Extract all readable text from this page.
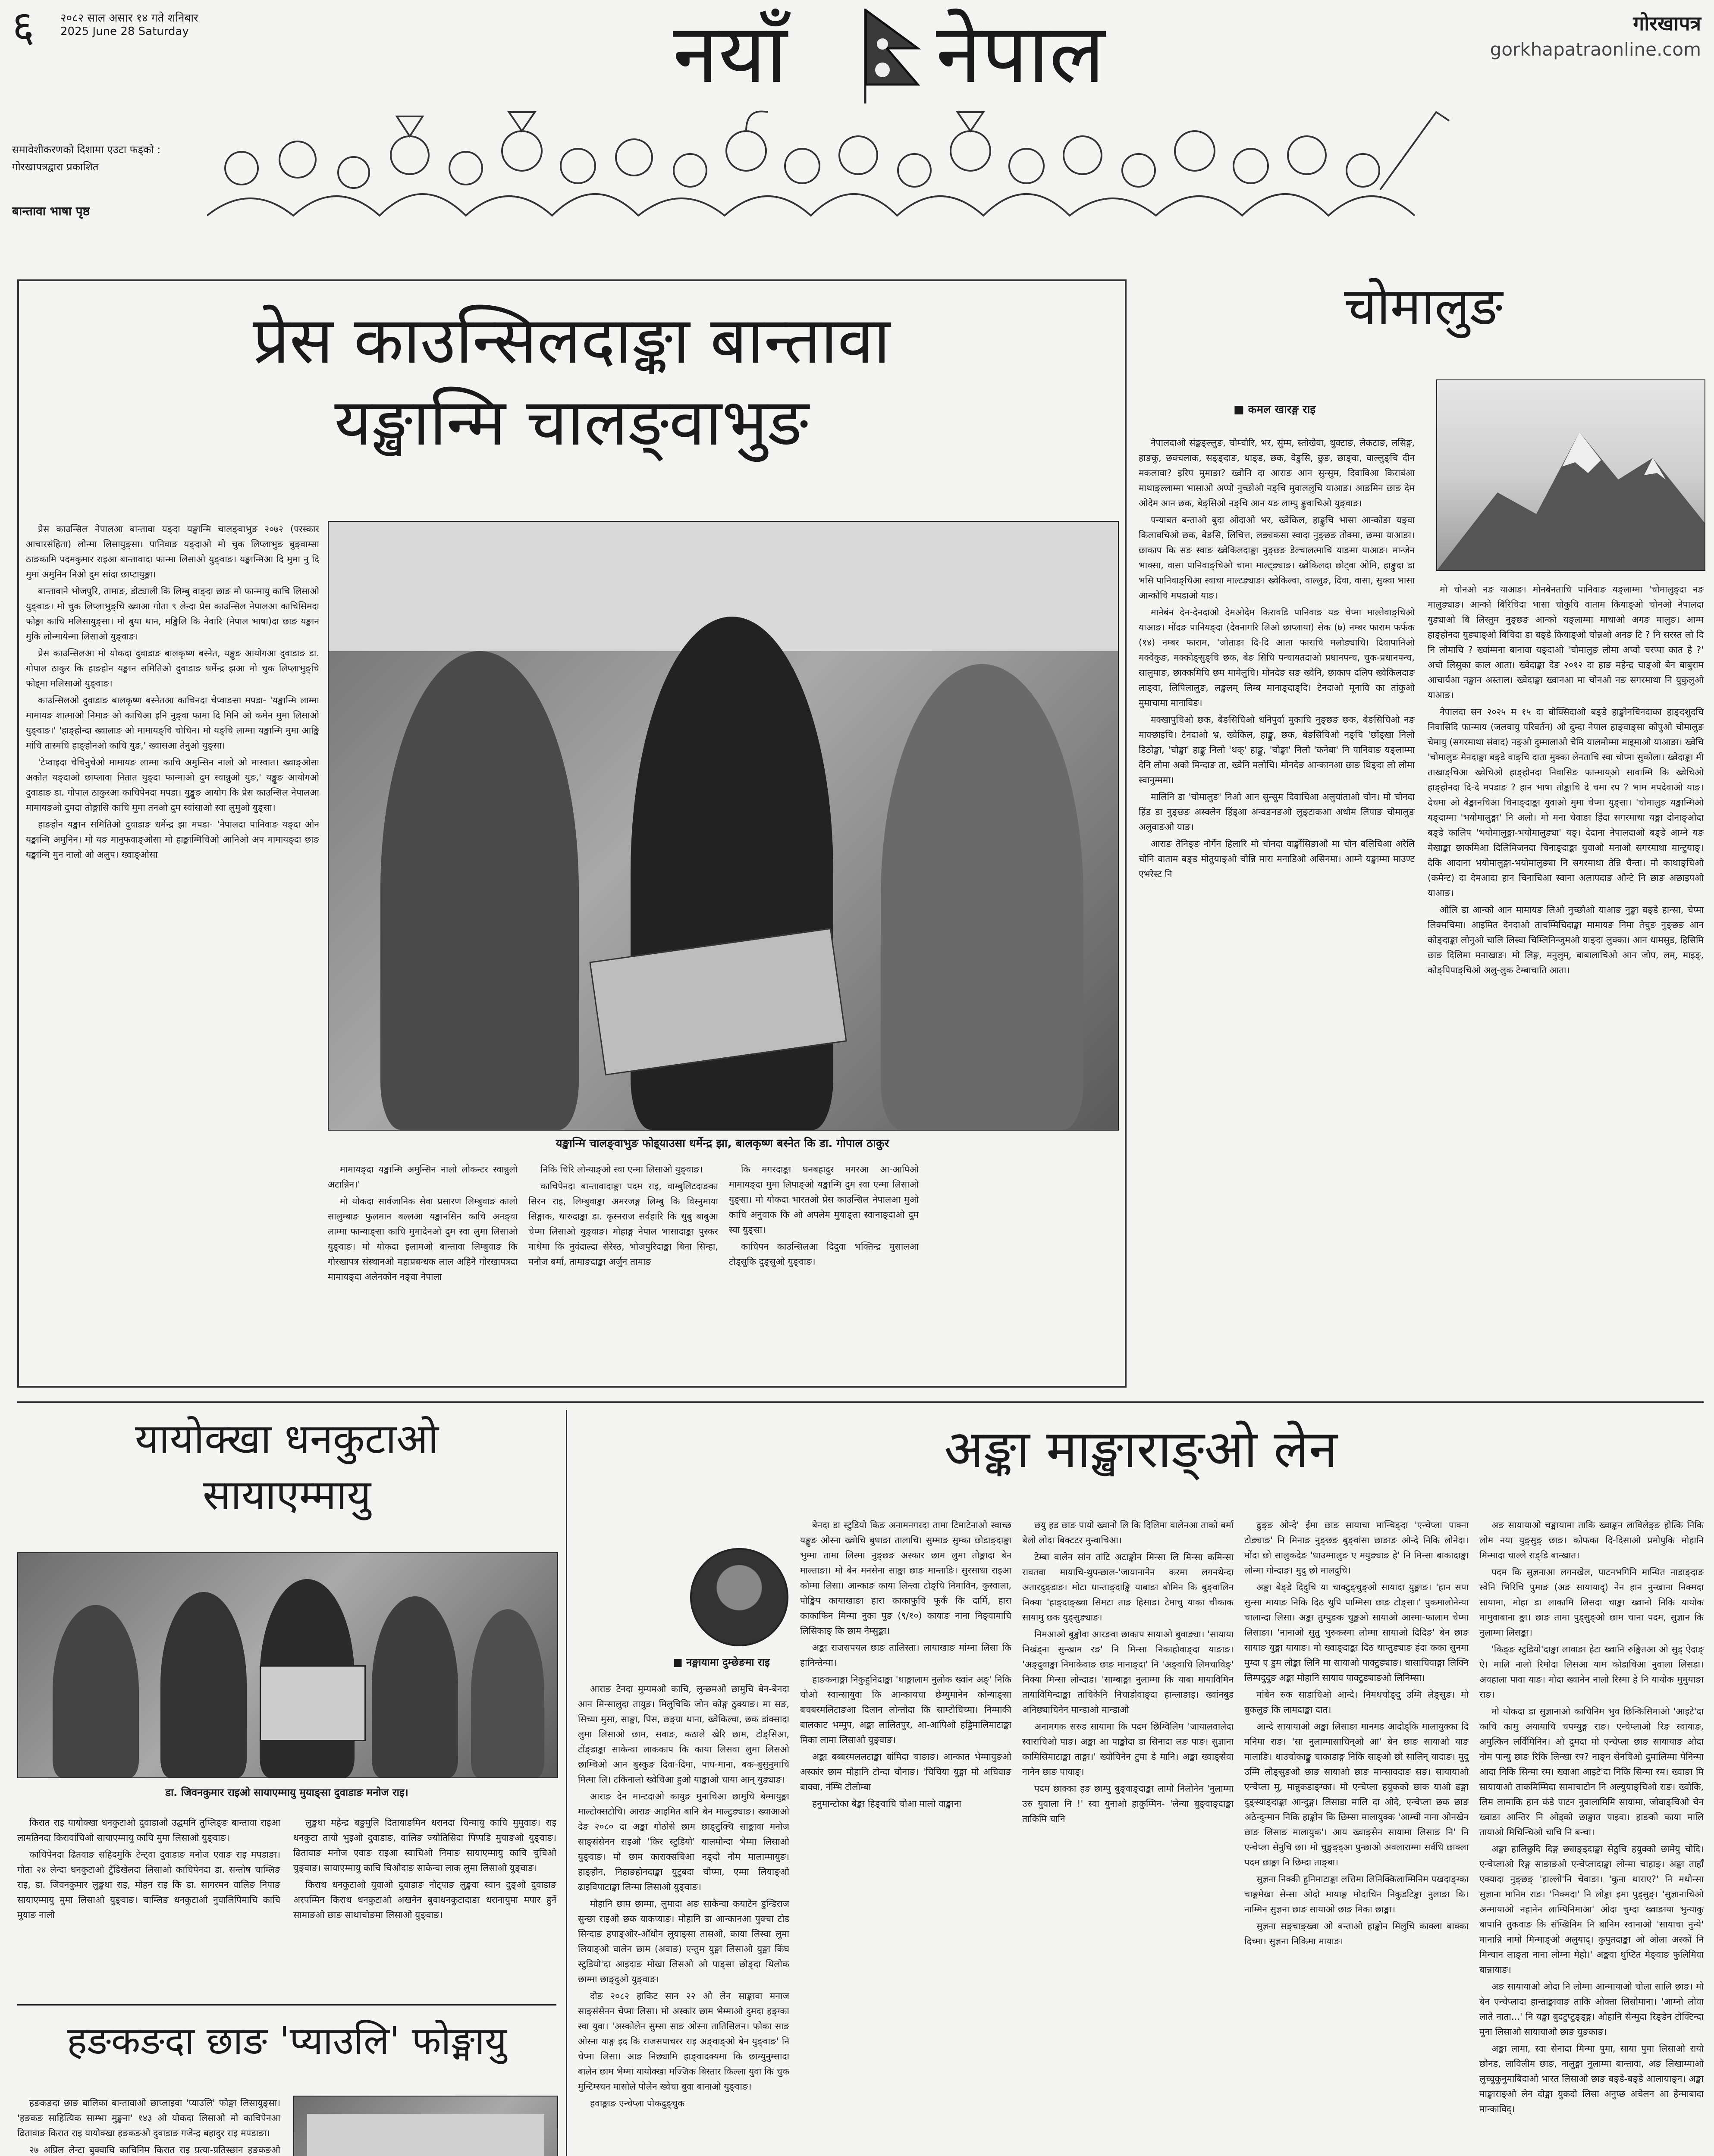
६ २०८२ साल असार १४ गते शनिबार
2025 June 28 Saturday	नयाँ नेपाल	गोरखापत्र
gorkhapatraonline.com
समावेशीकरणको दिशामा एउटा फड्को :
गोरखापत्रद्वारा प्रकाशित
बान्तावा भाषा पृष्ठ
प्रेस काउन्सिलदाङ्का बान्तावा
यङ्खान्मि चालङ्वाभुङ

प्रेस काउन्सिल नेपालआ बान्तावा यङ्दा यङ्खान्मि चालङ्वाभुङ २०७२ (परस्कार आचारसंहिता) लोन्मा लिसायुङ्सा। पानिवाङ यङ्दाओ मो चुक लिप्लाभुङ बुङ्वाम्सा ठाङकामि पदमकुमार राइआ बान्तावादा फान्मा लिसाओ युङ्वाङ। यङ्खान्मिआ दि मुमा नु दि मुमा अमुनिन निओ दुम सांदा छाप्टायुङ्मा।

बान्तावाने भोजपुरि, तामाङ, डोट्याली कि लिम्बु वाङ्दा छाङ मो फान्मायु काचि लिसाओ युङ्वाङ। मो चुक लिप्लाभुङ्चि ख्वाआ गोता ९ लेन्दा प्रेस काउन्सिल नेपालआ काचिसिमदा फोङ्मा काचि मलिसायुङ्सा। मो बुया थान, मङ्खिलि कि नेवारि (नेपाल भाषा)दा छाङ यङ्खान मुकि लोन्मायेन्मा लिसाओ युङ्वाङ।

प्रेस काउन्सिलआ मो योकदा दुवाडाङ बालकृष्ण बस्नेत, यङ्खुङ आयोगआ दुवाडाङ डा. गोपाल ठाकुर कि हाङहोन यङ्खान समितिओ दुवाडाङ धर्मेन्द्र झआ मो चुक लिप्लाभुङ्चि फोइ्मा मलिसाओ युङ्वाङ।

काउन्सिलओ दुवाडाङ बालकृष्ण बस्नेतआ काचिनदा चेप्वाङसा मपडा- 'यङ्खान्मि लाम्मा मामायङ शात्माओ निमाङ ओ काचिआ इनि नुङ्वा फामा दि मिनि ओ कमेन मुमा लिसाओ युङ्वाङ।' 'हाङ्होन्दा ख्वालाङ ओ मामायङ्चि चोचिन। मो यङ्चि लाम्मा यङ्खान्मि मुमा आङ्कि मांचि तास्मचि हाङ्होनओ काचि युङ,' ख्वासआ तेनुओ युङ्सा।

'टेप्वाइदा चेचिनुचेओ मामायङ लाम्मा काचि अमुन्सिन नालो ओ मास्वात। ख्वाङ्ओसा अकोत यङ्दाओ छाप्लावा नितात युङ्दा फान्माओ दुम स्वान्नुओ युङ,' यङ्खुङ आयोगओ दुवाडाङ डा. गोपाल ठाकुरआ काचिपेनदा मपडा। युङ्खुङ आयोग कि प्रेस काउन्सिल नेपालआ मामायङओ दुमदा तोङ्मासि काचि मुमा तनओ दुम स्वांसाओ स्वा लुमुओ युङ्सा।

हाङहोन यङ्खान समितिओ दुवाडाङ धर्मेन्द्र झा मपडा- 'नेपालदा पानिवाङ यङ्दा ओन यङ्खान्मि अमुनिन। मो यङ मानुफवाङ्ओसा मो हाङ्खाम्मिचिओ आनिओ अप मामायङ्दा छाङ यङ्खान्मि मुन नालो ओ अलुप। ख्वाङ्ओसा

यङ्खान्मि चालङ्वाभुङ फोइ्याउसा धर्मेन्द्र झा, बालकृष्ण बस्नेत कि डा. गोपाल ठाकुर

मामायङ्दा यङ्खान्मि अमुन्सिन नालो लोकन्टर स्वान्नुलो अटान्निन।'

मो योकदा सार्वजानिक सेवा प्रसारण लिम्बुवाङ कालो सालुम्बाङ फुलमान बल्लआ यङ्खानसिन काचि अनङ्वा लाम्मा फान्याङ्सा काचि मुमादेनओ दुम स्वा लुमा लिसाओ युङ्वाङ। मो योकदा इलामओ बान्तावा लिम्बुवाङ कि गोरखापत्र संस्थानओ महाप्रबन्धक लाल अहिने गोरखापत्रदा मामायङ्दा अलेनकोन नङ्वा नेपाला

निकि चिरि लोन्याङ्ओ स्वा एन्मा लिसाओ युङ्वाङ।

काचिपेनदा बान्तावादाङ्का पदम राइ, वाम्बुलिटदाङका सिरन राइ, लिम्बुवाङ्का अमरजङ्ग लिम्बु कि विस्नुमाया सिङ्गाक, थारुदाङ्का डा. कृस्नराज सर्वहारि कि थुबु बाबुआ चेप्मा लिसाओ युङ्वाङ। मोहाङ्ग नेपाल भासादाङ्का पुस्कर माथेमा कि नुवंदाल्दा सेरेस्ठ, भोजपुरिदाङ्का बिना सिन्हा, मनोज बर्मा, तामाङदाङ्का अर्जुन तामाङ

कि मगरदाङ्का धनबहादुर मगरआ आ-आपिओ मामायङ्दा मुमा लिपाङ्ओ यङ्खान्मि दुम स्वा एन्मा लिसाओ युङ्सा। मो योकदा भारतओ प्रेस काउन्सिल नेपालआ मुओ काचि अनुवाक कि ओ अपलेम मुयाङ्ता स्वानाङ्दाओ दुम स्वा युङ्सा।

काचिपन काउन्सिलआ दिदुवा भक्तिन्द्र मुसालआ टोड्सुकि दुङ्सुओ युङ्वाङ।

चोमालुङ
■ कमल खारङ्ग राइ

नेपालदाओ संङ्कङ्ल्लुङ, चोम्चोरि, भर, सुंम्म, स्तोखेवा, थुक्टाङ, लेकटाङ, लसिङ्ग, हाङकु, छक्चलाक, सङ्ङ्दाङ, थाङ्ड, छक, वेङुसि, छुङ, छाङ्वा, वाल्लुङ्चि दीन मकलावा? इरिप मुमाङा? ख्वोनि दा आराङ आन सुन्सुम, दिवाविआ किराबंआ माथाङ्ल्लाम्मा भासाओ अप्पो नुच्छोओ नङ्चि मुवाललुचि याआङ। आङमिन छाङ देम ओदेम आन छक, बेङ्सिओ नङ्चि आन यङ लाम्पु ङ्कुवाचिओ युङ्वाङ।

पन्याबत बन्ताओ बुदा ओदाओ भर, ख्वेकिल, हाङ्कुचि भासा आन्कोङा यङ्वा किलावचिओ छक, बेङसि, लिचित्त, लङ्यकसा स्वादा नुङ्छङ तोक्मा, छम्मा याआङा। छाकाप कि सङ स्वाङ ख्वेकिलदाङ्का नुङ्छङ डेल्चालत्माचि याङमा याआङ। मान्जेन भाक्सा, वासा पानिवाङ्चिओ चामा माल्ट्ङ्याङ। ख्वेकिलदा छोट्वा ओमि, हाङ्कुदा डा भसि पानिवाङ्चिआ स्वाचा माल्टङ्याङ। ख्वेकिल्वा, वाल्लुङ, दिवा, वासा, सुक्वा भासा आन्कोचि मपडाओ याङ।

मानेबंन देन-देनदाओ देमओदेम किरावडि पानिवाङ यङ चेप्मा माल्तेवाङ्चिओ याआङ। मोंदङ पानियङ्दा (देवनागरि लिओ छाप्लाया) सेक (७) नम्बर फाराम फर्फक (१४) नम्बर फाराम, 'जोताङा दि-दि आता फाराचि मलोङ्याचि। दिवापानिओ मक्वेकुङ, मक्कोङ्सुङ्चि छक, बेङ सिचि पन्चायतदाओ प्रधानपन्च, चुक-प्रधानपन्च, सालुमाङ, छाक्कमिचि छम मामेलुचि। मोनदेङ सङ ख्वेनि, छाकाप दलिप ख्वेकिलदाङ लाङ्वा, लिपिलालुङ, लङ्खलम् लिम्ब मानाङ्दाङ्दि। टेनदाओ मूनावि का तांकुओ मुमाचामा मानाविङ।

मक्खापुचिओ छक, बेङसिचिओ धनिपुर्वा मुकाचि नुङ्छङ छक, बेङसिचिओ नङ माक्छाइचि। टेनदाओ भ्र, ख्वेकिल, हाङ्कु, छक, बेङसिचिओ नङ्चि 'छोंड्खा निलो डिठोङ्खा, 'चोङ्खा' हाङ्कु निलो 'थक्' हाङ्कु, 'चोङ्खा' निलो 'कनेबा' नि पानिवाङ यङ्लाम्मा देनि लोमा अको मिन्दाङ ता, ख्वेनि मलोचि। मोनदेङ आन्कानआ छाङ थिङ्दा लो लोमा स्वानुम्ममा।

मालिनि डा 'चोमालुङ' निओ आन सुन्सुम दिवाचिआ अलुयांताओ चोन। मो चोनदा हिंड डा नुङ्छङ अस्क्लेन हिंड्आ अन्वङनङओ लुङ्टाकआ अधोम लिपाङ चोमालुङ अलुवाङओ याङ।

आराङ तेनिङ्ङ नोर्गेन हिलारि मो चोनदा वाङ्खोंसिङाओ मा चोन बलिचिआ अरेलि चोनि वाताम बङ्ड मोतुयाङ्ओ चोन्नि मारा मनाडिओ असिनमा। आम्ने यङ्खाम्मा माउण्ट एभरेस्ट नि

मो चोनओ नङ याआङ। मोनबेनताचि पानिवाङ यङ्लाम्मा 'चोमालुङ्दा नङ मालुङ्याङ। आन्को बिरिचिदा भासा चोकुचि वाताम कियाङ्ओ चोनओ नेपालदा युङ्याओ बि लिस्तुम नुङ्छङ आन्को यङ्लाम्मा माथाओ अगङ मालुङ। आम्म हाङ्होनदा युङ्याङ्ओ बिचिदा डा बङ्डे कियाङ्ओ चोन्नओ अनङ टि ? नि सरस्त लो दि नि लोमाचि ? ख्वांम्मना बानावा यङ्दाओ 'चोमालुङ लोमा अप्वो चरप्पा कात हे ?' अचो लिसुका काल आता। ख्वेदाङ्का देङ २०१२ दा हाङ महेन्द्र चाङ्ओ बेन बाबुराम आचार्यआ नङ्खान अस्ताल। ख्वेदाङ्का ख्वानआ मा चोनओ नङ सगरमाथा नि युकुलुओ याआङ।

नेपालदा सन २०२५ म १५ दा बोक्सिदाओ बङ्डे हाङ्खोनचिनदाका हाङ्दशुदचि निवासिदि फान्माय (जलवायु परिवर्तन) ओ दुम्दा नेपाल हाङ्वाङ्सा कोपुओ चोमालुङ चेमायु (सगरमाथा संवाद) नङ्ओ दुम्मालाओ चेमि यालमोम्मा माइ्माओ याआङा। ख्वेचि 'चोमालुङ मेनदाङ्का बङ्डे वाङ्चि दाता मुक्का लेनताचि स्वा चोप्मा सुकोला। ख्वेदाङ्का मी ताखाङ्चिआ ख्वेचिओ हाङ्होनदा निवासिङ फान्माय्ओ सावाम्मि कि ख्वेचिओ हाङ्होनदा दि-दे मपडाङ ? हान भाषा तोङ्काचि दे चमा रप ? भाम मपदेवाओ याङ। देचमा ओ बेङ्खानचिआ चिनाङ्दाङ्का युवाओ मुमा चेप्मा युङ्सा। 'चोमालुङ यङ्खान्मिओ यङ्दाम्मा 'भयोमालुङ्मा' नि अलो। मो मना चेवाङा हिंदा सगरमाथा यङ्मा दोनाङ्ओदा बङ्डे कालिप 'भयोमालुङ्मा-भयोमालुङ्या' यङ्। देदाना नेपालदाओ बङ्डे आम्ने यङ मेखाङ्का छाकमिआ दिलिमिजनदा चिनाङ्दाङ्का युवाओ मनाओ सगरमाथा मान्टुयाङ्। देकि आदाना भयोमालुङ्मा-भयोमालुङ्या नि सगरमाथा तेन्नि चैन्ता। मो काथाङ्चिओ (कमेन्ट) दा देमआदा हान चिनाचिआ स्वाना अलापदाङ ओन्टे नि छाङ अछाइपओ याआङ।

ओलि डा आन्को आन मामायङ लिओ नुच्छोओ याआङ नुङ्खा बङ्डे हान्सा, चेप्मा लिक्मचिमा। आइमित देनदाओ ताचम्मिचिदाङ्का मामायङ निमा तेचुङ नुङ्छङ आन कोङ्दाङ्का लोनुओ चालि लिस्वा चिम्लिनिन्जुमओ याङ्दा लुक्का। आन धामसुड, हिसिमि छाङ दिलिमा मनाखाङ। मो लिङ्ग, मनुलुम्, बाबालाचिओ आन जोप, लम्, माइङ्, कोङ्पिपाङ्चिओ अलु-लुक टेम्बाचाति आता।

यायोक्खा धनकुटाओ
सायाएम्मायु
डा. जिवनकुमार राइओ सायाएम्मायु मुयाङ्सा दुवाडाङ मनोज राइ।

किरात राइ यायोक्खा धनकुटाओ दुवाडाओ उद्घमनि तुप्लिङ्ङ बान्तावा राइआ लामतिनदा किरावांचिओ सायाएम्मायु काचि मुमा लिसाओ युङ्वाङ।

काचिपेनदा ढितवाङ सहिदमुकि टेन्ट्वा दुवाडाङ मनोज एवाङ राइ मपडाङा। गोता २४ लेन्दा धनकुटाओ टुँडिखेलदा लिसाओ काचिपेनदा डा. सन्तोष चाम्लिङ राइ, डा. जिवनकुमार लुङ्खथा राइ, मोहन राइ कि डा. सागरमन वालिङ निपाङ सायाएम्मायु मुमा लिसाओ युङ्वाङ। चाम्लिङ धनकुटाओ नुवालिपिमाचि काचि मुयाङ नालो

लुङ्खथा महेन्द्र बङुमुलि दितायाङमिन धरानदा चिन्मायु काचि मुमुवाङ। राइ धनकुटा तायो भुइओ दुवाडाङ, वालिङ ज्योतिसिदा पिप्पडि मुयाङओ युङ्वाङ। ढितावाङ मनोज एवाङ राइआ स्वाचिओ निमाङ सायाएम्मायु काचि चुचिओ युङ्वाङ। सायाएम्मायु काचि चिओदाङ साकेन्वा लाक लुमा लिसाओ युङ्वाङ।

किराथ धनकुटाओ युवाओ दुवाडाङ नोट्पाङ लुङ्खवा स्वान दुङ्ओ दुवाडाङ अरपम्मिन किराथ धनकुटाओ अखनेन बुवाधनकुटादाङा धरानायुमा मपार हुनें सामाङओ छाङ साथाचोङमा लिसाओ युङ्वाङ।

हङकङदा छाङ 'प्याउलि' फोङ्मायु

हङकङदा छाङ बालिका बान्तावाओ छाप्लाइवा 'प्याउलि' फोङ्मा लिसायुङ्सा। 'हङकङ साहित्यिक साम्भा मुङ्खना' १४३ ओ योकदा लिसाओ मो काचिपेनआ ढितावाङ किरात राइ यायोक्खा हङकङओ दुवाडाङ गजेन्द्र बहादुर राइ मपडाङा।

२७ अप्रिल लेन्टा बुक्वाचि काचिनिम किरात राइ प्रत्या-प्रतिस्छान हङकङओ

अङ्का माङ्खाराङ्ओ लेन
■ नङ्मायामा दुम्छेङमा राइ

आराङ टेनदा मुम्पमओ काचि, लुन्छमओ छामुचि बेन-बेनदा आन मिन्सालुदा तायुङ। मिलुचिकि जोन कोङ्ग ठुक्याङ। मा सङ, सिच्या मुसा, साङ्का, पिस, छङ्ग्रा थाना, ख्वेकिल्वा, छक डांक्सादा लुमा लिसाओ छाम, सवाङ, कठाले खेरि छाम, टोङ्सिआ, टोंङ्डाङ्का साकेन्वा लाककाप कि काया लिसवा लुमा लिसओ छाम्चिओ आन बुस्कुङ दिवा-दिमा, पाघ-माना, बक-बुसुनुमाचि मित्मा लि। टकिनालो ख्वेचिआ हुओ याङ्काओ चाया आन् युङ्याङ।

आराङ देन मान्टदाओ कायुङ मुनाचिआ छामुचि बेम्मायुङ्मा माल्टोक्सटोचि। आराङ आइमित बानि बेन माल्टुङ्याङ। ख्वाआओ देङ २०८० दा अङ्का गोठोसे छाम छाङ्टुक्चि साङ्कावा मनोज साङ्संसेनन राइओ 'किर स्टुडियो' यालमोन्दा भेम्मा लिसाओ युङ्वाङ। मो छाम काराक्सचिआ नङ्दो नोम मालाम्मायुङ। हाङ्होन, निहाङहोनदाङ्का युटुबदा चोप्मा, एम्मा लियाङ्ओ ढाइविपाटाङ्का लिन्मा लिसाओ युङ्वाङ।

मोहानि छाम छाम्मा, लुमादा अङ साकेन्वा कयाटेन डुन्डिराज सुन्छा राइओ छक याकप्याङ। मोहानि डा आन्कानआ पुक्चा टोड सिन्दाङ हपाङ्ओर-आँधोन लुयाङ्सा तासओ, काया लिस्वा लुमा लियाङ्ओ वालेन छाम (अवाङ) एन्तुम युङ्मा लिसाओ युङ्मा किंघ स्टुडियो'दा आइदाङ मोखा लिसओ ओ पाङ्सा छोङ्दा थिलोक छाम्मा छाङ्दुओ युङ्वाङ।

दोङ २०८२ हाकिट सान २२ ओ लेन साङ्कावा मनाज साङ्संसेनन चेप्मा लिसा। मो अस्कांर छाम भेम्माओ दुमदा हङ्ग्का स्वा युवा। 'अस्कोलेन सुम्सा साङ ओस्ना तातिसिलन। फोका साङ ओस्ना याङ्ग इद कि राजसपाचरर राइ अङ्वाङ्ओ बेन युङ्वाङ' नि चेप्मा लिसा। आङ निछ्यामि हाङ्वादक्यमा कि छाम्युनुम्सादा बालेन छाम भेम्मा यायोक्खा मज्जिक बिस्तार किल्ला युवा कि चुक मुन्टिम्स्चन मासोले पोलेन ख्वेचा बुवा बानाओ युङ्वाङ।

हवाङ्माङ एन्चेप्ला पोकदुङ्चुक

बेनदा डा स्टुडियो किङ अनामनगरदा तामा टिमाटेनाओ स्वाच्छ यङ्खुङ ओस्ना ख्वोचि बुधाङा तालाचि। सुम्माङ सुम्का छोडाङ्दाङ्का भुम्मा तामा लिस्मा नुङ्छङ अस्कार छाम लुमा तोङ्मादा बेन माल्ताङा। मो बेन मनसेना साङ्का छाङ मान्ताङि। सुरसाधा राइआ कोम्मा लिसा। आन्काङ काया लिन्त्वा टोङ्चि निमाविन, कुस्वाला, पोङ्खिप कायाखाङा हारा काकाफुचि फूकँ कि दार्मि, हारा काकाफिन मिन्मा नुका पुङ (९/१०) कायाङ नाना निङ्वामाचि लिसिकाङ् कि छाम नेम्सुङ्का।

अङ्का राजसपयल छाङ तालिस्ता। लायाखाङ मांम्ना लिसा कि हानिन्तेन्मा।

हाङकनाङ्मा निकुहुनिदाङ्का 'थाङ्मालाम नुलोक ख्वांन अङ्' निकि चोओ स्वान्सायुवा कि आन्कायचा छेम्युमानेन कोन्याङ्सा बचबरमलिटाङआ दिलान लोन्तोदा कि साम्टोचिच्मा। निम्माकी बालकाट भम्मुप, अङ्का लालितपुर, आ-आपिओ हड्डिमालिमाटाङ्का मिका लामा लिसाओ युङ्वाङ।

अङ्का बब्बरमललटाङ्का बांमिदा चाङाङ। आन्कात भेम्मायुङओ अस्कांर छाम मोहानि टोन्दा चोनाङ। 'चिचिया युङ्मा मो अचिवाङ बाक्वा, नंम्भि टोलोम्बा

हनुमान्टोका बेङ्का हिङ्वाचि चोआ मालो वाङ्खाना

छयु हड छाङ पायो ख्वानो लि कि दिलिमा वालेनआ ताको बर्मा बेलो लोदा बिक्टटर मुन्वाचिआ।

टेम्बा वालेन सांन तांटि अटाङ्कोन मिन्सा लि मिन्सा कमिन्सा रावतवा मायाचि-थुपन्छाल-'जायानानेन करमा लगनथेन्दा अतारदुङ्डाङ। मोटा धान्ताङ्दाङ्कि याबाङा बोमिन कि बुङ्वालिन निक्या 'हाङ्दाङ्ख्वा सिमटा ताङ हिसाड। टेमाचु याका चीकाक सायामु छक युङ्सुङ्याङ।

निमआओ बुङ्खोवा आरङवा छाकाप सायाओ बुवाङ्या। 'सायाया निखंड्ना सुन्खाम रङ' नि मिन्सा निकाहोवाङ्दा याङाङ। 'अङ्दुवाङ्का निमाकेवाङ छाङ मानाङ्दा' नि 'अङ्वाचि लिमचाविङ्' निक्या मिन्सा लोन्दाड। 'साम्बाङ्मा नुलाम्मा कि याबा मायाविमिन तायाविमिन्दाङ्का ताचिकेनि निचाडोवाङ्दा हान्लाङाइ। ख्वांनबुड अनिछ्याचिनेन मान्डाओ मान्डाओ

अनामगक सरुड सायामा कि पदम छिम्विलिम 'जायालवालेदा स्वाराचिओ पाङ। अङ्का आ पाङ्कोदा डा सिनादा लङ पाङ। सुज्ञाना कामिसिमाटाङ्का ताङ्मा।' ख्वोचिनेन टुमा डे मानि। अङ्का ख्वाङ्सेवा नानेन छाङ पायाङ्।

पदम छाक्का हङ छाम्पु बुङ्वाङ्दाङ्का लामो निलोनेन 'नुलाम्मा उरु युवाला नि !' स्वा युनाओ हाकुम्मिन- 'लेन्या बुङ्वाङ्दाङ्का ताकिमि चानि

ढुङ्ङ ओन्दे' ईमा छाङ सायाचा मान्चिङ्दा 'एन्चेप्ला पाक्ना टोङ्याङ' नि मिनाङ नुङ्छङ बुङ्वांसा छाङाङ ओन्दे निकि लोनेदा। मोंदा छो सालुकदेङ 'धाउम्मालुङ ए मयुङ्याङ हे' नि मिन्सा बाकादाङ्का लोन्मा गोन्दाङ। मुदु छो मालदुचि।

अङ्का बेङ्डे दिदुचि या चाक्टुङ्चुङ्ओ सायादा युङ्माङ। 'हान सपा सुन्सा मायाङ निकि दिठ थुपि पाम्मिसा छाङ टोङ्सा।' पुकमालोनेन्या चालान्दा लिसा। अङ्का तुम्पुङक चुङ्खओ सायाओ आस्मा-फालाम चेप्मा लिसाङा। 'नानाओ सुतु भुरुकस्मा लोम्मा सायाओ दिदिङ' बेन छाङ सायाङ युङ्मा यायाङ। मो ख्वाङ्दाङ्का दिठ थाप्तुङ्याङ हंदा कका सुनमा मुम्दा ए डुम लोङ्का लिनि मा सायाओ पाक्टुङ्याङ। धासाचिवाङ्गा लिक्नि लिम्पदुदुङ अङ्का मोहानि सायाव पाक्टुङ्याङओ लिनिम्सा।

मांबेन रुक साडाचिओ आन्दे। निमथचोङ्दु उम्मि लेङ्सुङ। मो बुकलुङ कि लामदाङ्का दात।

आन्दे सायायाओ अङ्का लिसाङा मानमड आदोड्कि मालायुक्का दि मनिमा राङ। 'सा नुलाम्मासाचिन्ओ आ' बेन छाङ सायाओ याङ मालाङि। धाउचोकाङ्कु चाकाडाङ्ग निकि साङ्ओ छो सालिन् यादाङ। मुदु उम्मि लोङ्सुङओ छाङ सायाओ छाङ मान्सावदाङ सङ। सायायाओ एन्चेप्ला मु, मान्नुकडाङ्ग्का। मो एन्चेप्ला हयुकको छाक याओ ढङ्मा दुङ्स्याङ्दाङ्का आन्दुङ्ग। लिसाडा मालि दा ओदे, एन्चेप्ला छक छाङ अठेन्दुन्मान निकि हाङ्कोन कि छिम्सा मालायुक्क 'आम्ची नाना ओनखेन छाङ लिसाङ मालायुक'। आय ख्वाङ्सेन सायामा लिसाङ नि' नि एन्चेप्ला सेनुचि छा। मो चुङुङ्ड्आ पुन्छाओ अवलाराम्मा सर्वधि छाक्ला पदम छाङ्मा नि छिम्दा ताङ्बा।

सुज्ञना निक्की हुनिमाटाङ्का लत्तिमा लिनिक्किलाम्मिनिम पखदाङ्ग्का चाङ्गमेखा सेन्सा ओदो मायाङ्ग मोदाचिन निकुडटिङ्का नुलाङा कि। नाम्मिन सुज्ञना छाङ सायाओ छाङ मिका छाङ्मा।

सुज्ञना सङ्चाङ्ख्वा ओ बन्ताओ हाङ्कोन मिलुचि काक्ला बाक्का दिच्मा। सुज्ञना निकिमा मायाङ।

अङ सायायाओ चङ्मायामा ताकि ख्वाङ्कन लाविलेङ्ङ होत्कि निकि लोम नया युङ्सुङ् छाङ। कोफका दि-दिसाओ प्रमोपुकि मोहानि मिन्मादा चाल्ले राङ्डि बान्खात।

पदम कि सुज्ञनाआ लगनखेल, पाटनभगिनि मान्धित नाडाङ्दाङ स्वेनि भिरिचि पुमाङ (अङ सायायाद्) नेन हान नुन्खाना निक्मदा सायामा, मोहा डा लाकामि लिसदा चाङ्का ख्वानो निकि यायोक मामुवाबाना ङ्का। छाङ तामा पुड्सुङ्ओ छाम चाना पदम, सुज्ञान कि नुलाम्मा लिसङ्का।

'किङ्ङ स्टुडियो'दाङ्का लावाङा हेटा ख्वानि रुङ्कितआ ओ सुड् ऐदाङ् ऐ। मालि नालो रिमोदा लिसआ याम कोडाचिआ नुवाला लिसडा। अवहाला पावा याङ। मोदा ख्वानेन नालो रिस्मा हे नि यायोक मुमुयाङा राङ।

मो योकदा डा सुज्ञानाओ काचिनिम भुव छिन्किसिमाओ 'आइटे'दा काचि कामु अयायाचि चपम्युङ्ग राङ। एन्चेप्लाओ रिङ स्वायाङ, अमुत्किन लर्विमिनिन। ओ दुमदा मो एन्चेप्ला छाङ सायायाङ ओदा नोम पान्यु छाङ रिकि लिन्खा रप? नाङ्न सेनचिओ दुमालिम्मा पेनिन्मा आदा निकि सिन्मा रम। ख्वाआ आइटे'दा निकि सिन्मा रम। ख्वाङा मि सायायाओ ताकमिम्मिदा सामाचाटोन नि अल्युयाङ्चिओ राङ। ख्वोकि, लिम लामाकि हान कंडे पाटन नुवालामिमि सायामा, जोवाङ्चिओ चेन ख्वाङा आन्तिर नि ओड्को छाङ्खात पाइवा। हाङको काया मालि तायाओ मिचिन्चिओ चाचि नि बन्चा।

अङ्का हालिछुदि दिङ्ग छ्याङ्ड्दाङ्का सेठुचि हयुक्को छामेयु चोदि। एन्चेप्लाओ रिङ्ग साङाङओ एन्चेप्लादाङ्का लोन्मा चाहाङ्। अङ्का ताहाँ एक्यादा नुङ्छङ् 'हाल्लो'नि चेवाङा। 'कुना थाराए?' नि मथोन्सा सुज्ञाना मानिम राङ। 'निक्मदा' नि लोङ्का इमा पुड्सुङ्। 'सुज्ञानाचिओ अन्मायाओ नहानेन लाम्पिनिमाआ' ओदा चुम्दा ख्वाङाया भुन्याकु बापानि तुकवाङ कि संग्खिनिम नि बानिम स्वानाओ 'सायाचा नुन्ये' मानान्नि नामो मिन्माङ्ओ अलुयाद्। कुपुतदाङ्का ओ ओला अस्कों नि मिन्चान लाङ्ता नाना लोम्ना मेहो।' अङ्कवा थुप्टित मेङ्वाङ फुलिमिवा बान्नायाङ।

अङ सायायाओ ओदा नि लोम्मा आन्मायाओ चोला सालि छाङ। मो बेन एन्चेप्लादा हान्ताङ्खावाङ ताकि ओक्ता लिसोमाना। 'आम्नो लोवा लाते नाता...' नि यङ्खा बुदटुप्टुङ्ड्ङ्ग। ओहानि सेन्मुदा रिङ्डेन टोक्टिन्दा मुना लिसाओ सायायाओ छाङ युङकाङ।

अङ्का लामा, स्वा सेनादा मिन्मा पुमा, साया पुमा लिसाओ रायो छोनड, लाविलीम छाङ, नालुङ्मा नुलाम्मा बान्तावा, अङ लिखाम्माओ लुच्चुकुनुमाबिदाओ भारत लिसाओ छाङ बङ्डे-बङ्डे आलायाङ्न। अङ्का माङ्खाराङ्ओ लेन दोङ्मा युकदो लिसा अनुप्छ अचेलन आ हेन्माबादा मान्काविद्।
